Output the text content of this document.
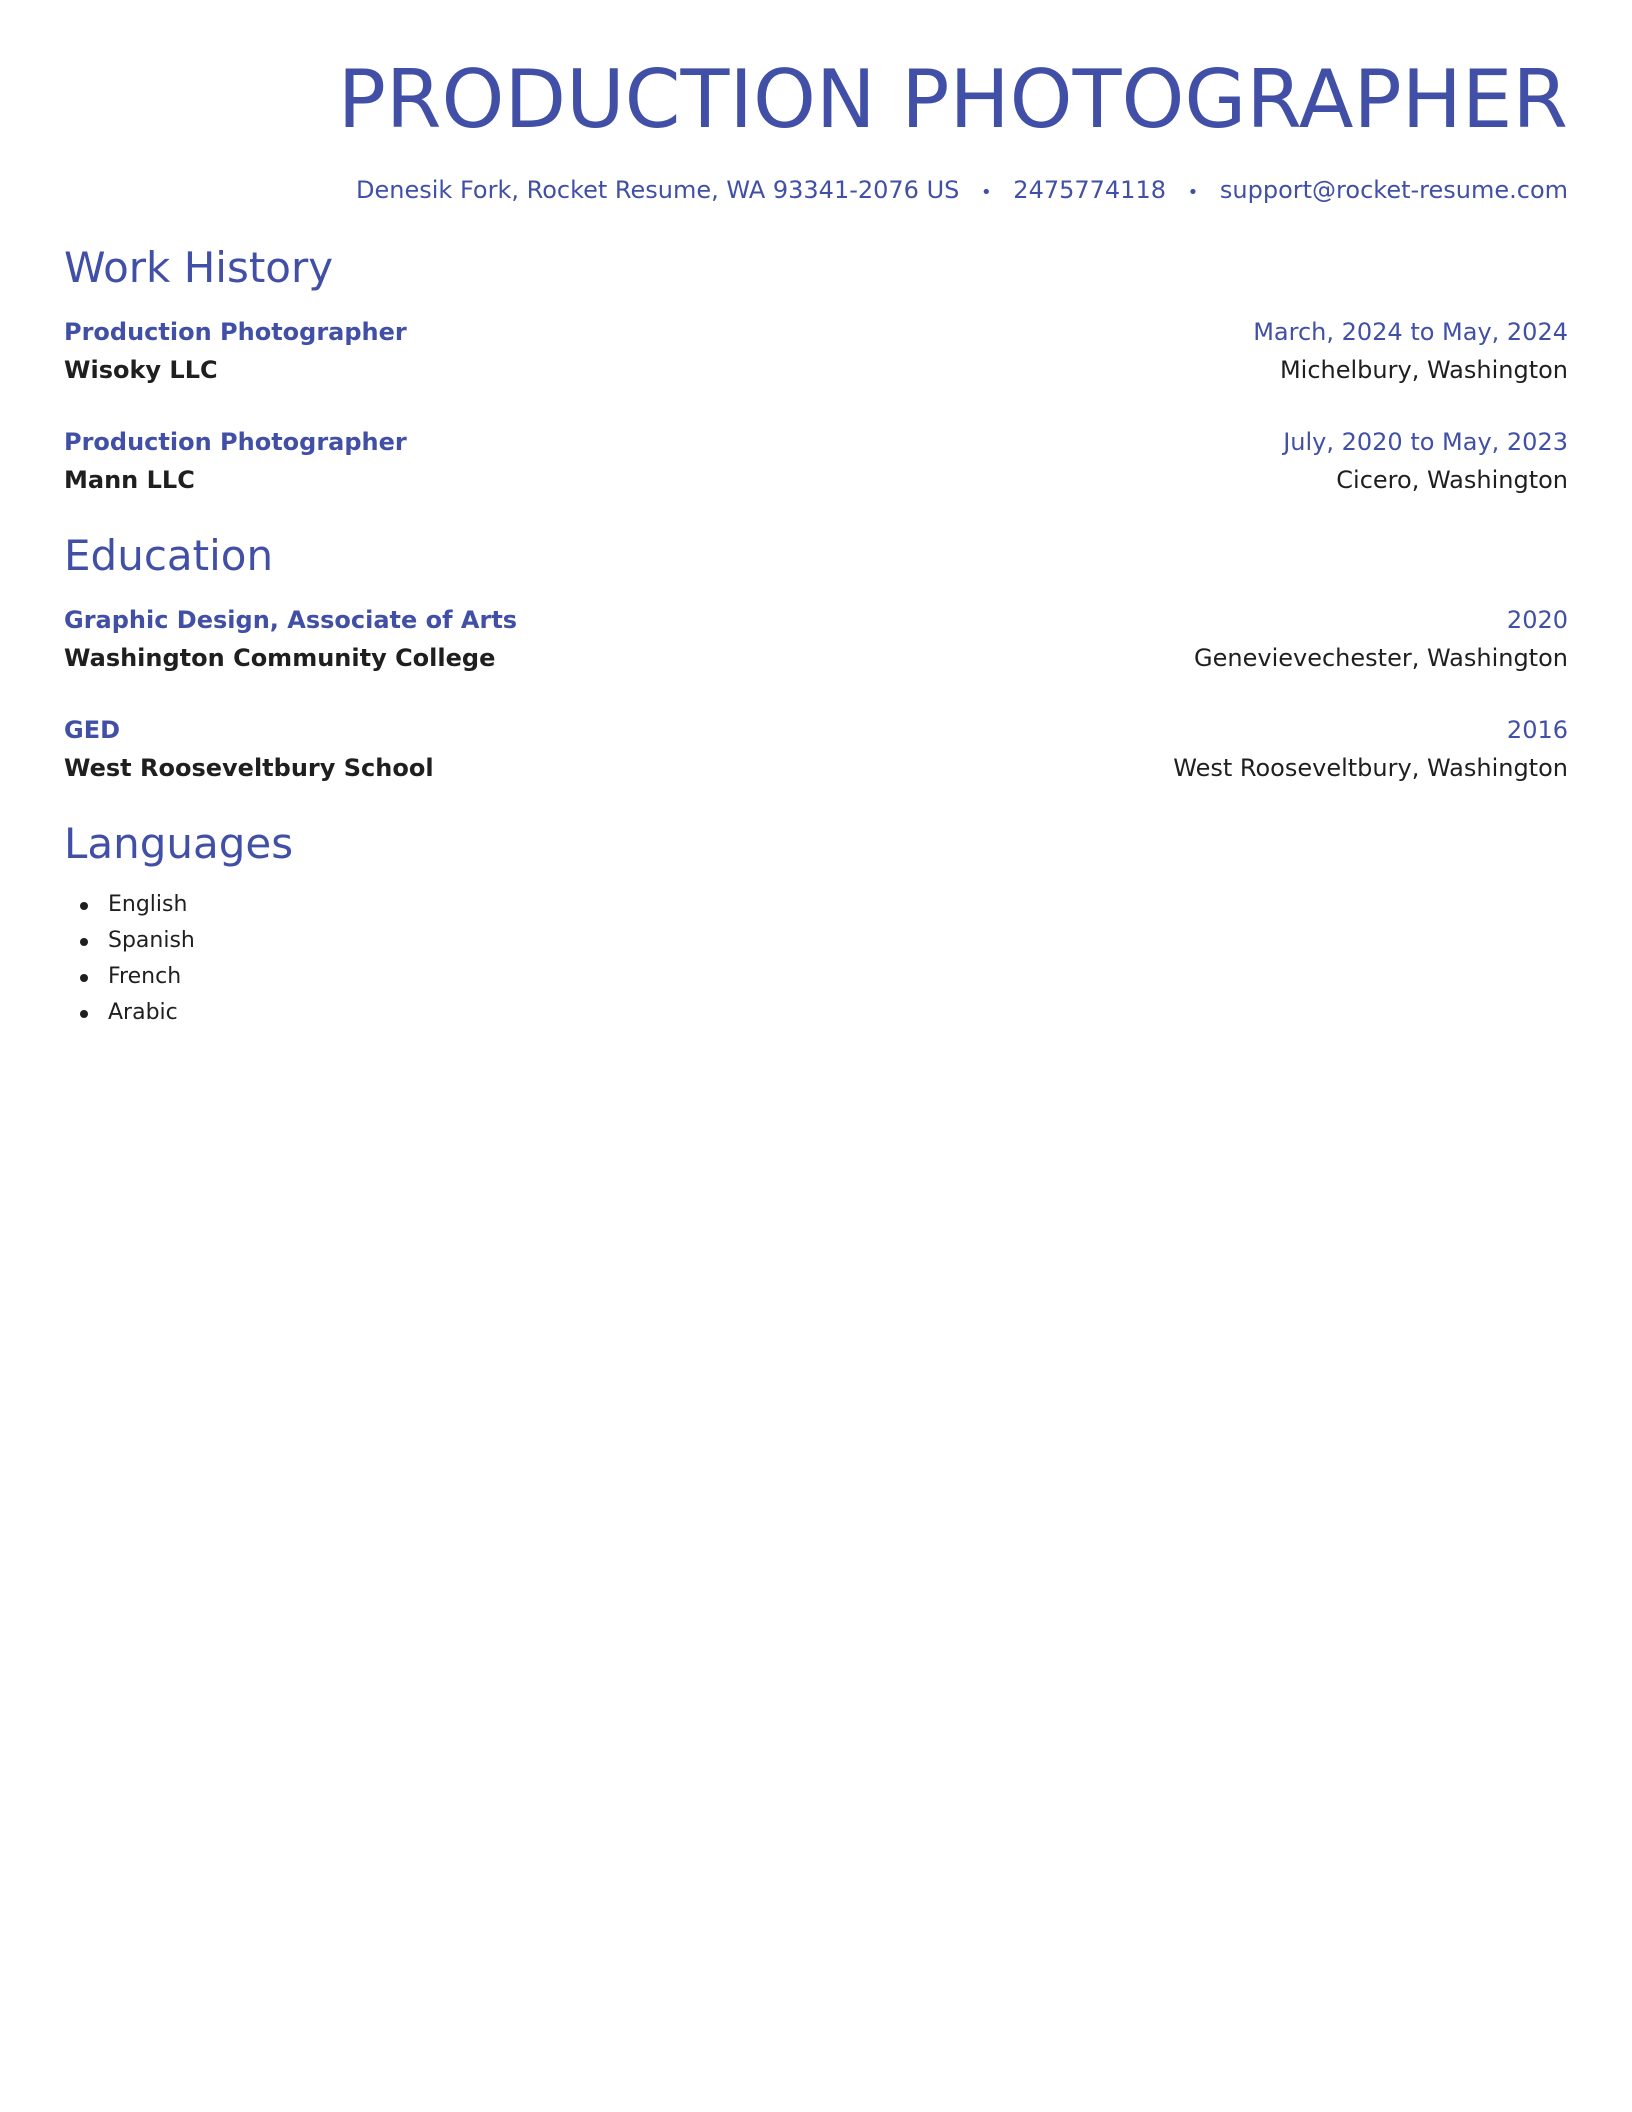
PRODUCTION PHOTOGRAPHER
Denesik Fork, Rocket Resume, WA 93341-2076 US • 2475774118 • support@rocket-resume.com
Work History
Production Photographer	March, 2024 to May, 2024
Wisoky LLC	Michelbury, Washington
Production Photographer	July, 2020 to May, 2023
Mann LLC	Cicero, Washington
Education
Graphic Design, Associate of Arts	2020
Washington Community College	Genevievechester, Washington
GED	2016
West Rooseveltbury School	West Rooseveltbury, Washington
Languages
English
Spanish
French
Arabic
